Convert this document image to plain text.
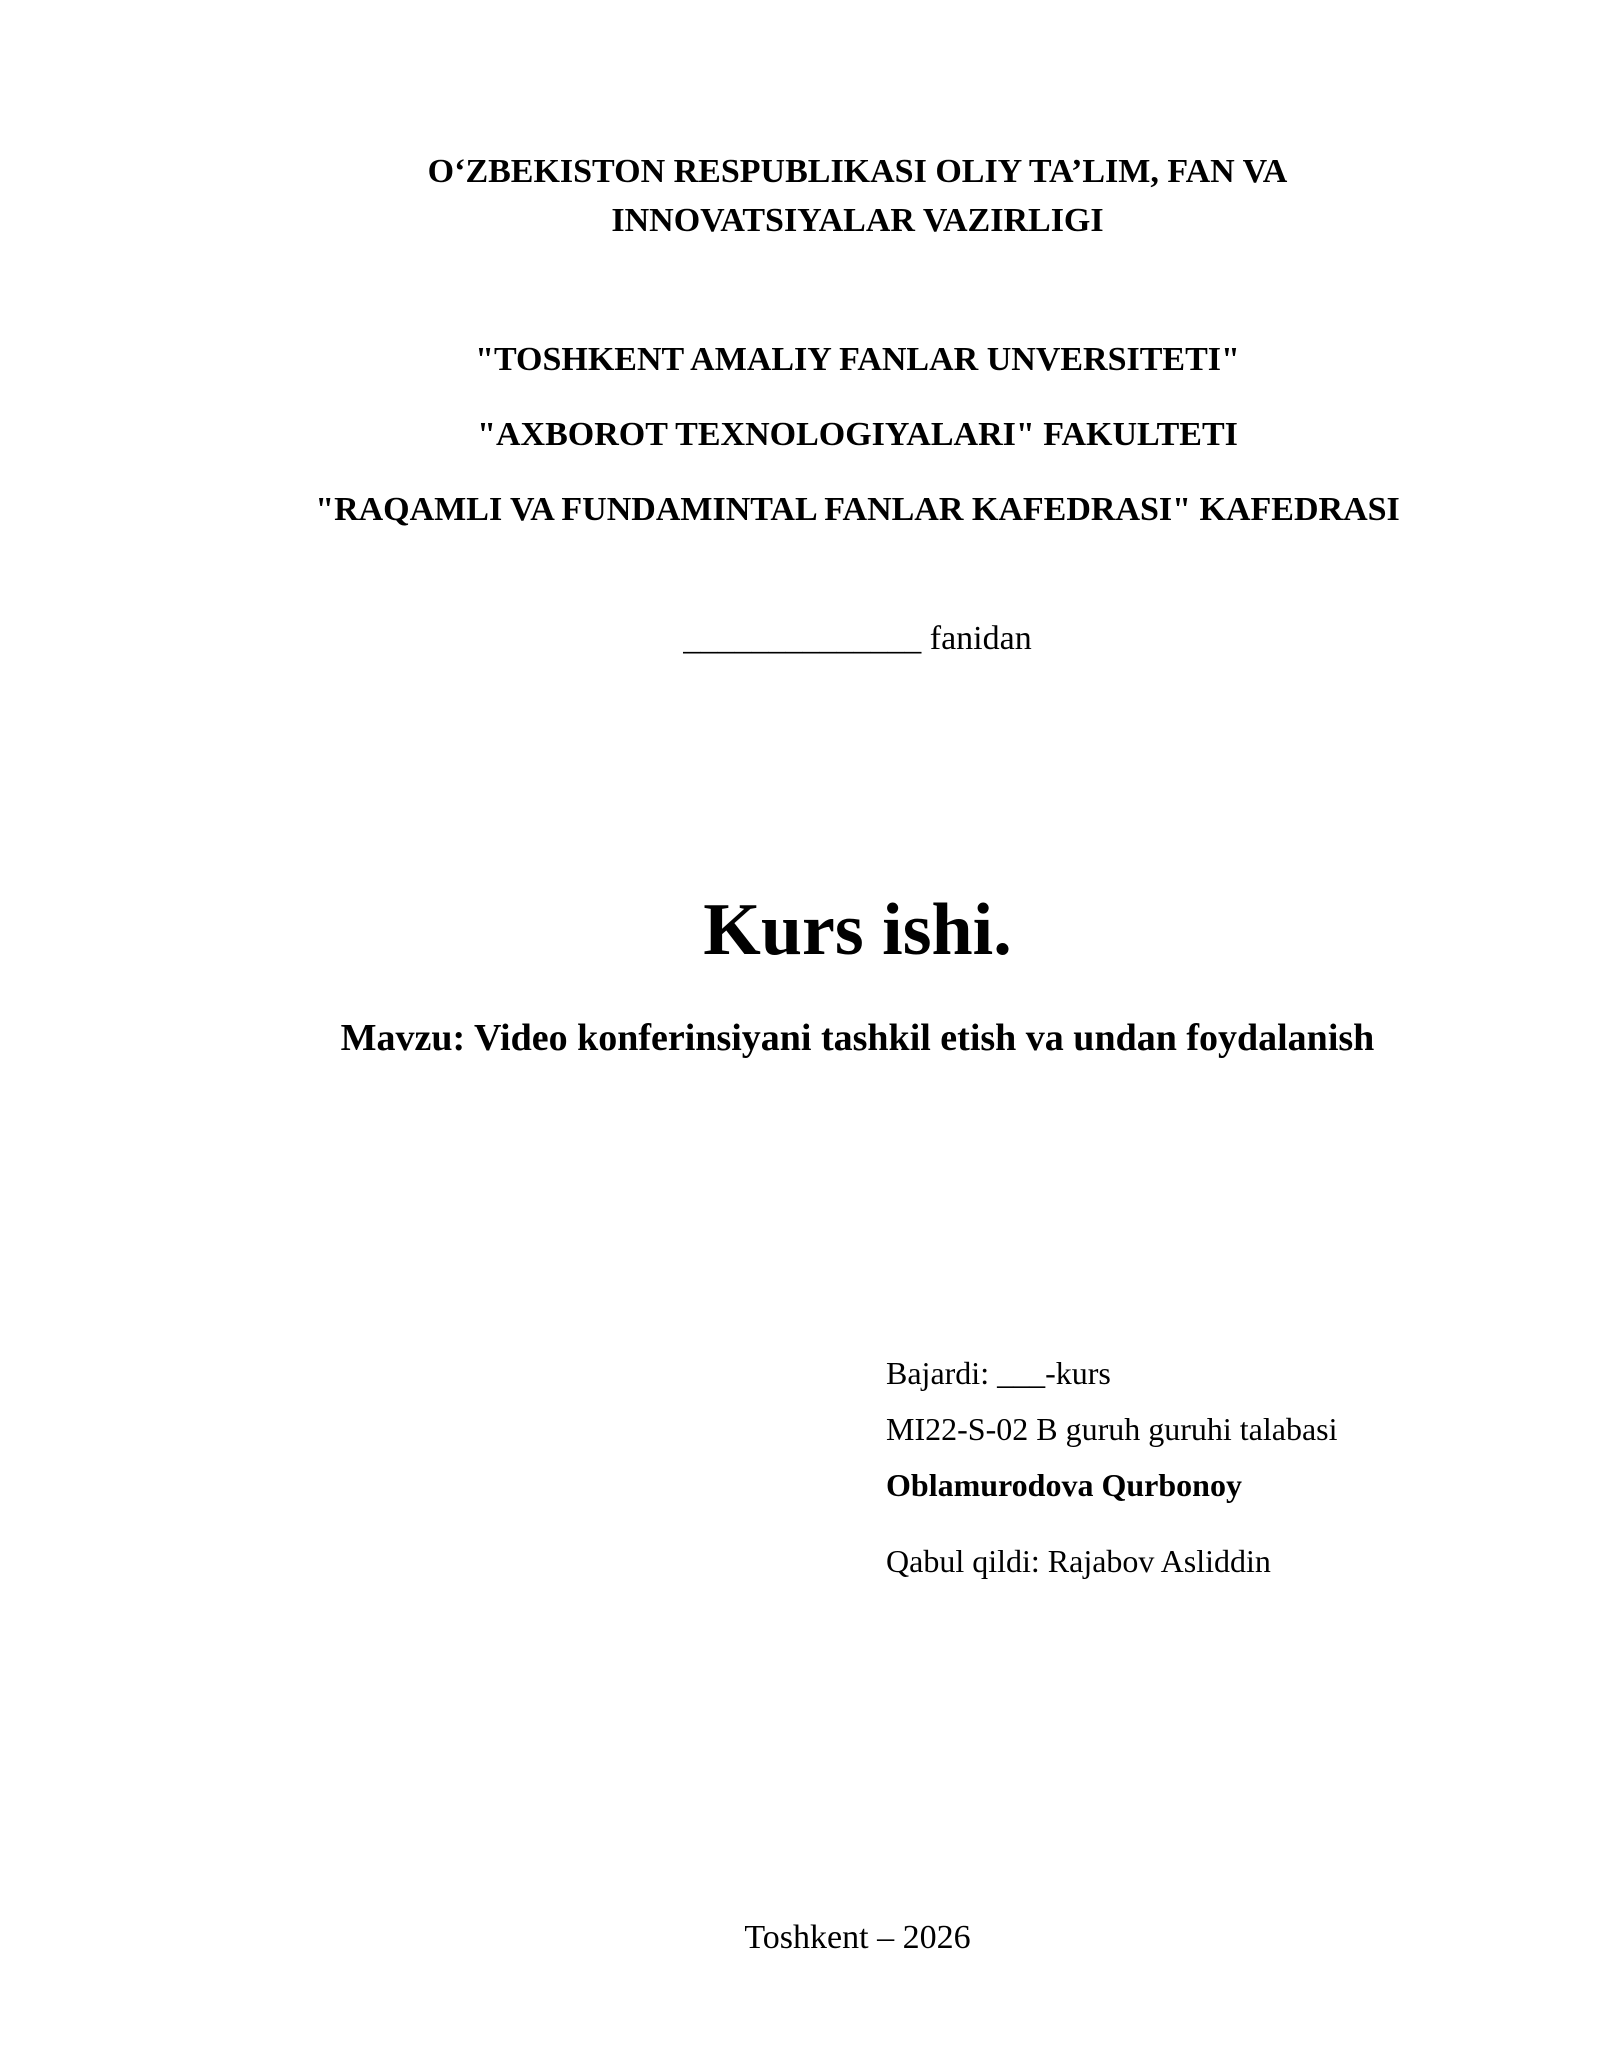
O‘ZBEKISTON RESPUBLIKASI OLIY TA’LIM, FAN VA
INNOVATSIYALAR VAZIRLIGI
"TOSHKENT AMALIY FANLAR UNVERSITETI"
"AXBOROT TEXNOLOGIYALARI" FAKULTETI
"RAQAMLI VA FUNDAMINTAL FANLAR KAFEDRASI" KAFEDRASI
______________ fanidan
Kurs ishi.
Mavzu: Video konferinsiyani tashkil etish va undan foydalanish
Bajardi: ___-kurs
MI22-S-02 B guruh guruhi talabasi
Oblamurodova Qurbonoy
Qabul qildi: Rajabov Asliddin
Toshkent – 2026
